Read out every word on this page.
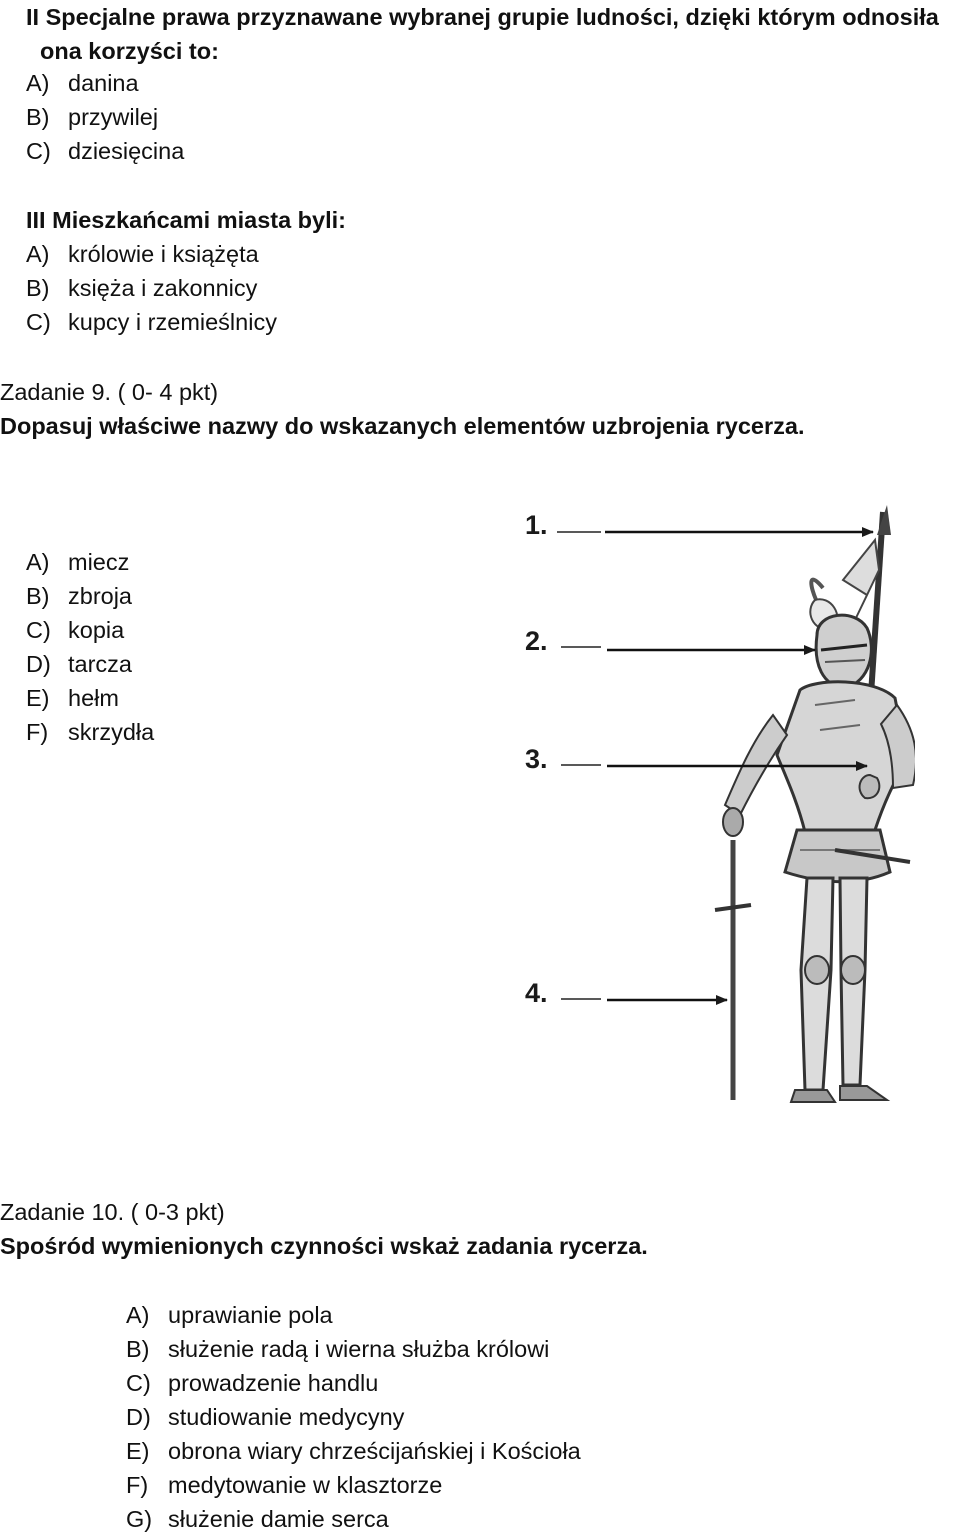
II Specjalne prawa przyznawane wybranej grupie ludności, dzięki którym odnosiła
ona korzyści to:
A) danina
B) przywilej
C) dziesięcina
III Mieszkańcami miasta byli:
A) królowie i książęta
B) księża i zakonnicy
C) kupcy i rzemieślnicy
Zadanie 9. ( 0- 4 pkt)
Dopasuj właściwe nazwy do wskazanych elementów uzbrojenia rycerza.
A) miecz
B) zbroja
C) kopia
D) tarcza
E) hełm
F) skrzydła
1.
2.
3.
4.
Zadanie 10. ( 0-3 pkt)
Spośród wymienionych czynności wskaż zadania rycerza.
A) uprawianie pola
B) służenie radą i wierna służba królowi
C) prowadzenie handlu
D) studiowanie medycyny
E) obrona wiary chrześcijańskiej i Kościoła
F) medytowanie w klasztorze
G) służenie damie serca
